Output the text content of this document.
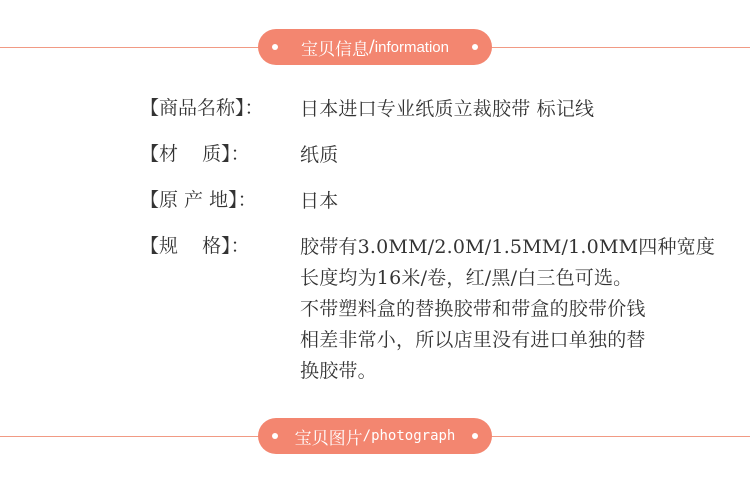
宝贝信息 / information
【商品名称】：	日本进口专业纸质立裁胶带 标记线
【材    质】：	纸质
【原 产 地】：	日本
【规    格】：	胶带有3.0MM/2.0M/1.5MM/1.0MM四种宽度
长度均为16米/卷，红/黑/白三色可选。
不带塑料盒的替换胶带和带盒的胶带价钱
相差非常小，所以店里没有进口单独的替
换胶带。
宝贝图片 / photograph
